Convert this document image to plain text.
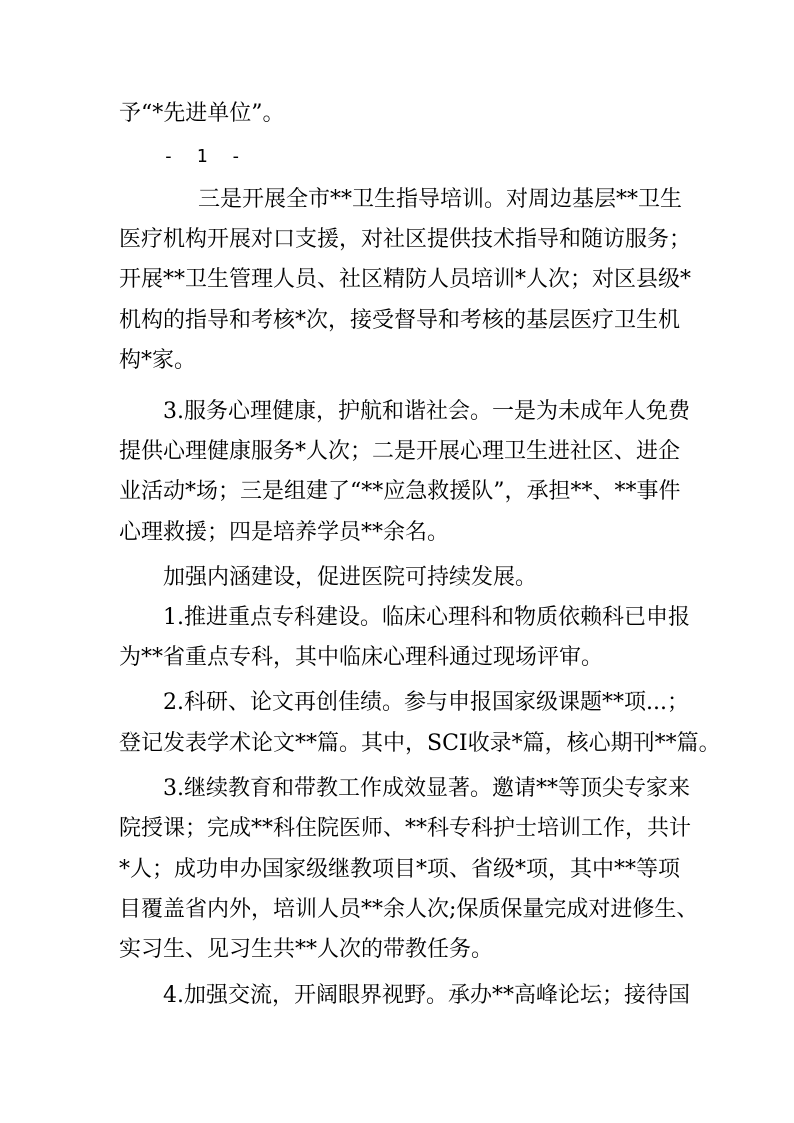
予“*先进单位”。
- 1 -
三是开展全市**卫生指导培训。对周边基层**卫生
医疗机构开展对口支援，对社区提供技术指导和随访服务；
开展**卫生管理人员、社区精防人员培训*人次；对区县级*
机构的指导和考核*次，接受督导和考核的基层医疗卫生机
构*家。
3.服务心理健康，护航和谐社会。一是为未成年人免费
提供心理健康服务*人次；二是开展心理卫生进社区、进企
业活动*场；三是组建了“**应急救援队”，承担**、**事件
心理救援；四是培养学员**余名。
加强内涵建设，促进医院可持续发展。
1.推进重点专科建设。临床心理科和物质依赖科已申报
为**省重点专科，其中临床心理科通过现场评审。
2.科研、论文再创佳绩。参与申报国家级课题**项...；
登记发表学术论文**篇。其中，SCI收录*篇，核心期刊**篇。
3.继续教育和带教工作成效显著。邀请**等顶尖专家来
院授课；完成**科住院医师、**科专科护士培训工作，共计
*人；成功申办国家级继教项目*项、省级*项，其中**等项
目覆盖省内外，培训人员**余人次;保质保量完成对进修生、
实习生、见习生共**人次的带教任务。
4.加强交流，开阔眼界视野。承办**高峰论坛；接待国
